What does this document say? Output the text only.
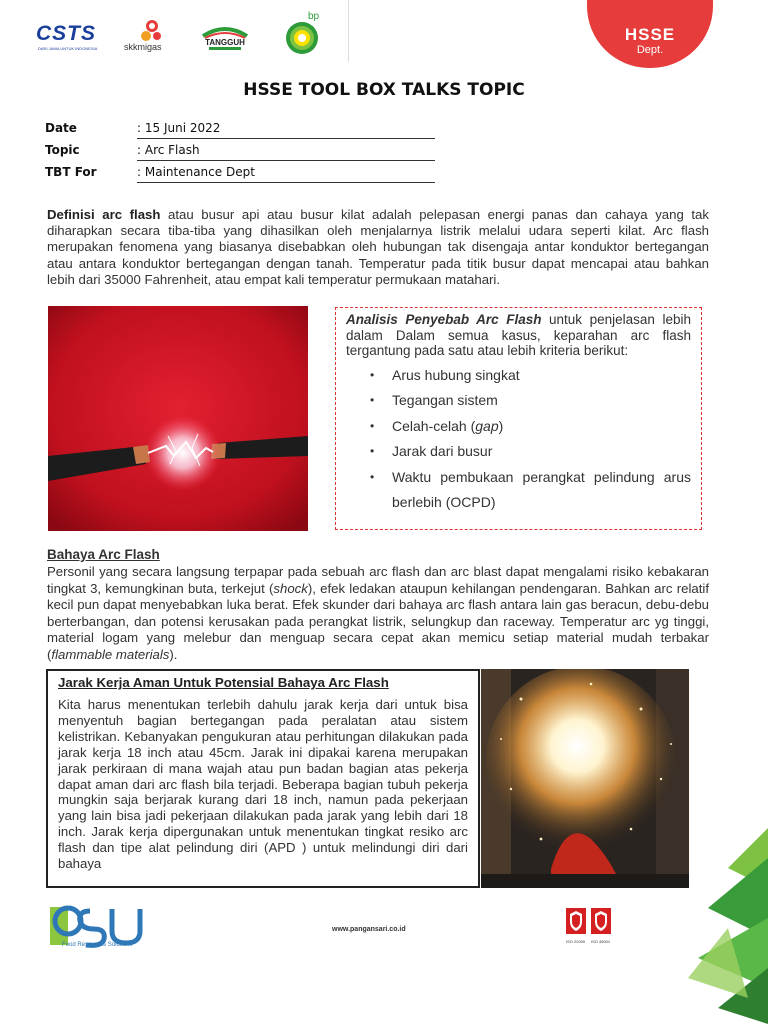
CSTS
DARI JAWA UNTUK INDONESIA	skkmigas	TANGGUH
bp
HSSE
Dept.
HSSE TOOL BOX TALKS TOPIC
Date	: 15 Juni 2022
Topic	: Arc Flash
TBT For	: Maintenance Dept
Definisi arc flash atau busur api atau busur kilat adalah pelepasan energi panas dan cahaya yang tak diharapkan secara tiba-tiba yang dihasilkan oleh menjalarnya listrik melalui udara seperti kilat. Arc flash merupakan fenomena yang biasanya disebabkan oleh hubungan tak disengaja antar konduktor bertegangan atau antara konduktor bertegangan dengan tanah. Temperatur pada titik busur dapat mencapai atau bahkan lebih dari 35000 Fahrenheit, atau empat kali temperatur permukaan matahari.
Analisis Penyebab Arc Flash untuk penjelasan lebih dalam Dalam semua kasus, keparahan arc flash tergantung pada satu atau lebih kriteria berikut:
• Arus hubung singkat
• Tegangan sistem
• Celah-celah (gap)
• Jarak dari busur
• Waktu pembukaan perangkat pelindung arus berlebih (OCPD)
Bahaya Arc Flash
Personil yang secara langsung terpapar pada sebuah arc flash dan arc blast dapat mengalami risiko kebakaran tingkat 3, kemungkinan buta, terkejut (shock), efek ledakan ataupun kehilangan pendengaran. Bahkan arc relatif kecil pun dapat menyebabkan luka berat. Efek skunder dari bahaya arc flash antara lain gas beracun, debu-debu berterbangan, dan potensi kerusakan pada perangkat listrik, selungkup dan raceway. Temperatur arc yg tinggi, material logam yang melebur dan menguap secara cepat akan memicu setiap material mudah terbakar (flammable materials).
Jarak Kerja Aman Untuk Potensial Bahaya Arc Flash
Kita harus menentukan terlebih dahulu jarak kerja dari untuk bisa menyentuh bagian bertegangan pada peralatan atau sistem kelistrikan. Kebanyakan pengukuran atau perhitungan dilakukan pada jarak kerja 18 inch atau 45cm. Jarak ini dipakai karena merupakan jarak perkiraan di mana wajah atau pun badan bagian atas pekerja dapat aman dari arc flash bila terjadi. Beberapa bagian tubuh pekerja mungkin saja berjarak kurang dari 18 inch, namun pada pekerjaan yang lain bisa jadi pekerjaan dilakukan pada jarak yang lebih dari 18 inch. Jarak kerja dipergunakan untuk menentukan tingkat resiko arc flash dan tipe alat pelindung diri (APD ) untuk melindungi diri dari bahaya
Food Resources Solutions
www.pangansari.co.id
ISO 22000 ISO 45001
